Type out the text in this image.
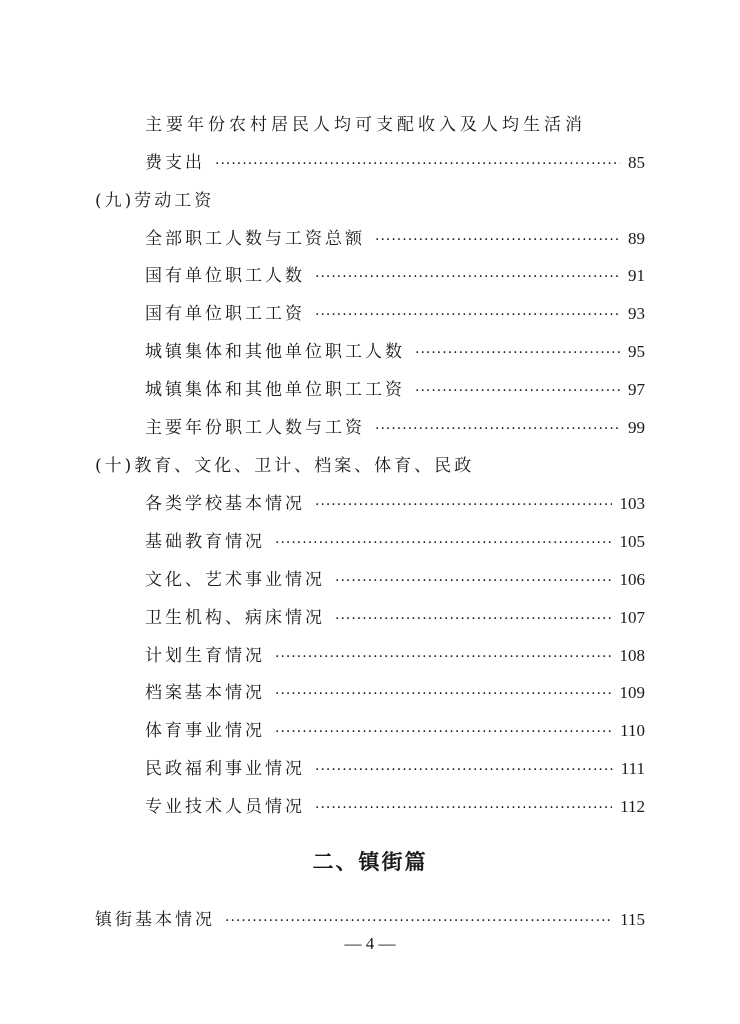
主要年份农村居民人均可支配收入及人均生活消
费支出 ·····	85
(九)劳动工资
全部职工人数与工资总额 ·····	89
国有单位职工人数 ·····	91
国有单位职工工资 ·····	93
城镇集体和其他单位职工人数 ·····	95
城镇集体和其他单位职工工资 ·····	97
主要年份职工人数与工资 ·····	99
(十)教育、文化、卫计、档案、体育、民政
各类学校基本情况 ·····	103
基础教育情况 ·····	105
文化、艺术事业情况 ·····	106
卫生机构、病床情况 ·····	107
计划生育情况 ·····	108
档案基本情况 ·····	109
体育事业情况 ·····	110
民政福利事业情况 ·····	111
专业技术人员情况 ·····	112
二、镇街篇
镇街基本情况 ·····	115
— 4 —
